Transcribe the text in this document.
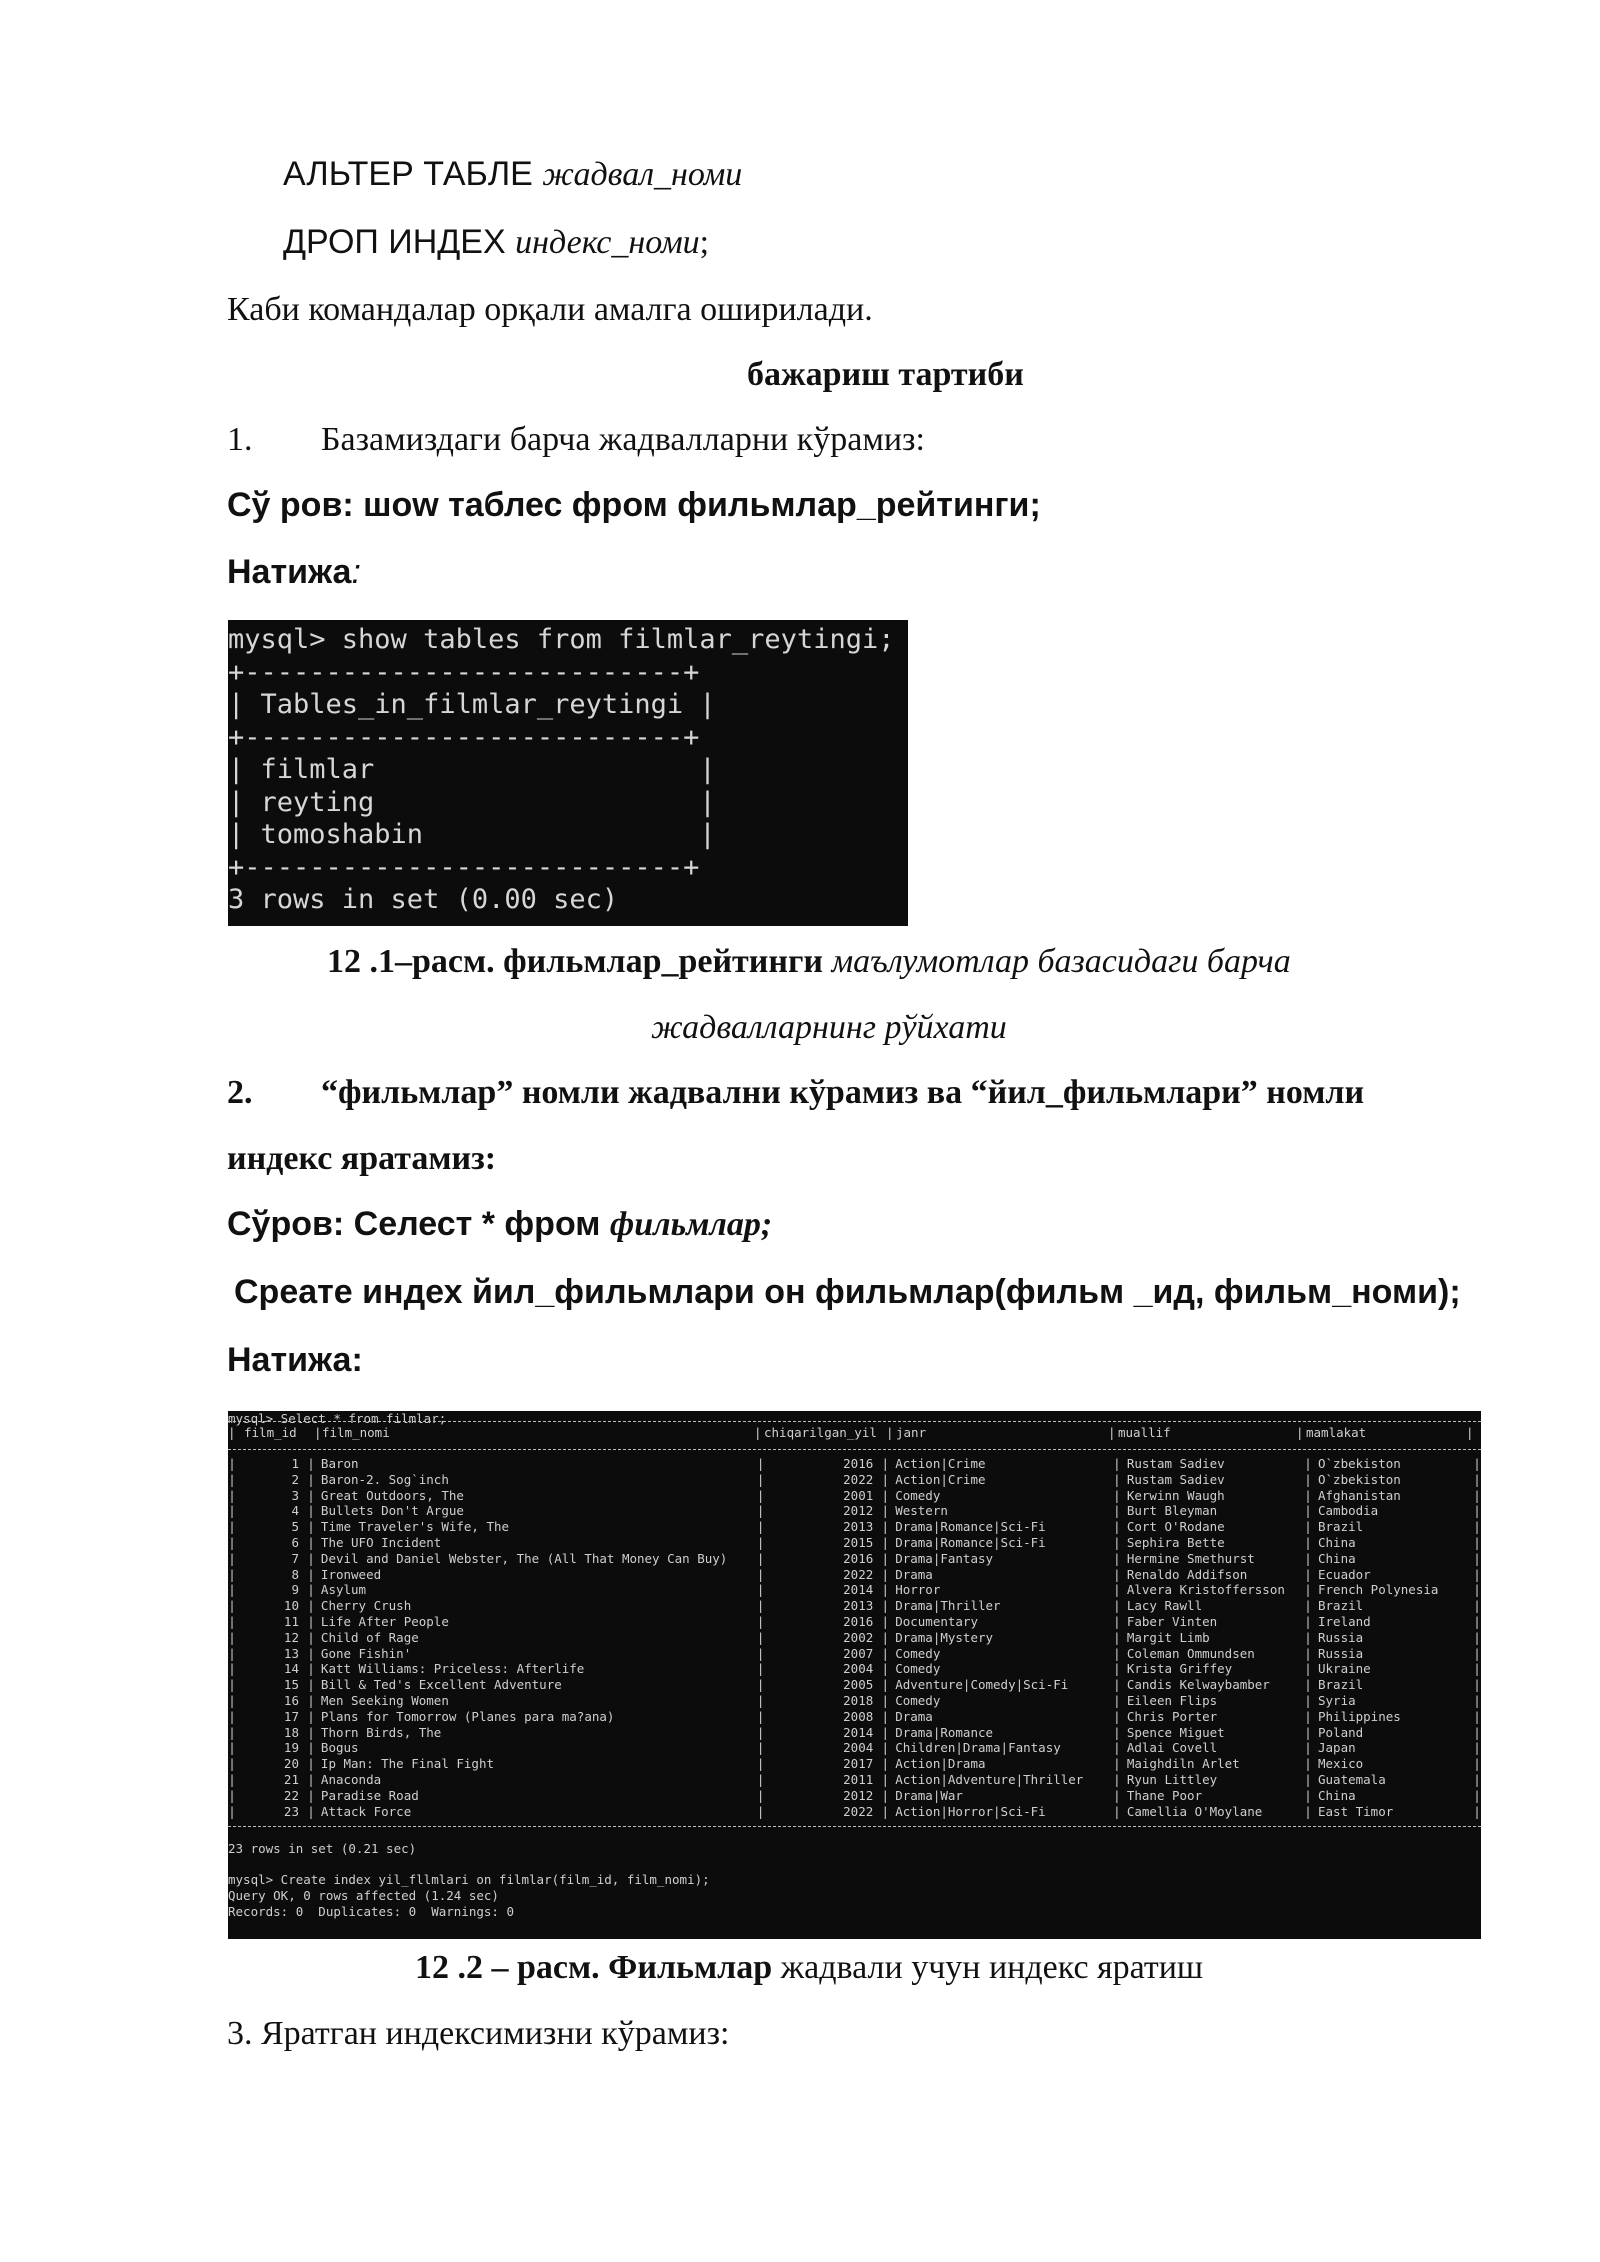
АЛЬТЕР ТАБЛЕ жадвал_номи
ДРОП ИНДЕХ индекс_номи;
Каби командалар орқали амалга оширилади.
бажариш тартиби
1. Базамиздаги барча жадвалларни кўрамиз:
Сў ров: шоw таблес фром фильмлар_рейтинги;
Натижа:
mysql> show tables from filmlar_reytingi;
+---------------------------+
| Tables_in_filmlar_reytingi |
+---------------------------+
| filmlar                    |
| reyting                    |
| tomoshabin                 |
+---------------------------+
3 rows in set (0.00 sec)
12 .1–расм. фильмлар_рейтинги маълумотлар базасидаги барча
жадвалларнинг рўйхати
2. “фильмлар” номли жадвални кўрамиз ва “йил_фильмлари” номли
индекс яратамиз:
Сўров: Селест * фром фильмлар;
Среате индех йил_фильмлари он фильмлар(фильм _ид, фильм_номи);
Натижа:
mysql> Select * from filmlar;
| film_id | film_nomi	| chiqarilgan_yil | janr	| muallif	| mamlakat	|
|	1	|	Baron	|	2016	|	Action|Crime	|	Rustam Sadiev	|	O`zbekiston	|
|	2	|	Baron-2. Sog`inch	|	2022	|	Action|Crime	|	Rustam Sadiev	|	O`zbekiston	|
|	3	|	Great Outdoors, The	|	2001	|	Comedy	|	Kerwinn Waugh	|	Afghanistan	|
|	4	|	Bullets Don't Argue	|	2012	|	Western	|	Burt Bleyman	|	Cambodia	|
|	5	|	Time Traveler's Wife, The	|	2013	|	Drama|Romance|Sci-Fi	|	Cort O'Rodane	|	Brazil	|
|	6	|	The UFO Incident	|	2015	|	Drama|Romance|Sci-Fi	|	Sephira Bette	|	China	|
|	7	|	Devil and Daniel Webster, The (All That Money Can Buy)	|	2016	|	Drama|Fantasy	|	Hermine Smethurst	|	China	|
|	8	|	Ironweed	|	2022	|	Drama	|	Renaldo Addifson	|	Ecuador	|
|	9	|	Asylum	|	2014	|	Horror	|	Alvera Kristoffersson	|	French Polynesia	|
|	10	|	Cherry Crush	|	2013	|	Drama|Thriller	|	Lacy Rawll	|	Brazil	|
|	11	|	Life After People	|	2016	|	Documentary	|	Faber Vinten	|	Ireland	|
|	12	|	Child of Rage	|	2002	|	Drama|Mystery	|	Margit Limb	|	Russia	|
|	13	|	Gone Fishin'	|	2007	|	Comedy	|	Coleman Ommundsen	|	Russia	|
|	14	|	Katt Williams: Priceless: Afterlife	|	2004	|	Comedy	|	Krista Griffey	|	Ukraine	|
|	15	|	Bill & Ted's Excellent Adventure	|	2005	|	Adventure|Comedy|Sci-Fi	|	Candis Kelwaybamber	|	Brazil	|
|	16	|	Men Seeking Women	|	2018	|	Comedy	|	Eileen Flips	|	Syria	|
|	17	|	Plans for Tomorrow (Planes para ma?ana)	|	2008	|	Drama	|	Chris Porter	|	Philippines	|
|	18	|	Thorn Birds, The	|	2014	|	Drama|Romance	|	Spence Miguet	|	Poland	|
|	19	|	Bogus	|	2004	|	Children|Drama|Fantasy	|	Adlai Covell	|	Japan	|
|	20	|	Ip Man: The Final Fight	|	2017	|	Action|Drama	|	Maighdiln Arlet	|	Mexico	|
|	21	|	Anaconda	|	2011	|	Action|Adventure|Thriller	|	Ryun Littley	|	Guatemala	|
|	22	|	Paradise Road	|	2012	|	Drama|War	|	Thane Poor	|	China	|
|	23	|	Attack Force	|	2022	|	Action|Horror|Sci-Fi	|	Camellia O'Moylane	|	East Timor	|
23 rows in set (0.21 sec)
mysql> Create index yil_fllmlari on filmlar(film_id, film_nomi);
Query OK, 0 rows affected (1.24 sec)
Records: 0  Duplicates: 0  Warnings: 0
12 .2 – расм. Фильмлар жадвали учун индекс яратиш
3. Яратган индексимизни кўрамиз:
